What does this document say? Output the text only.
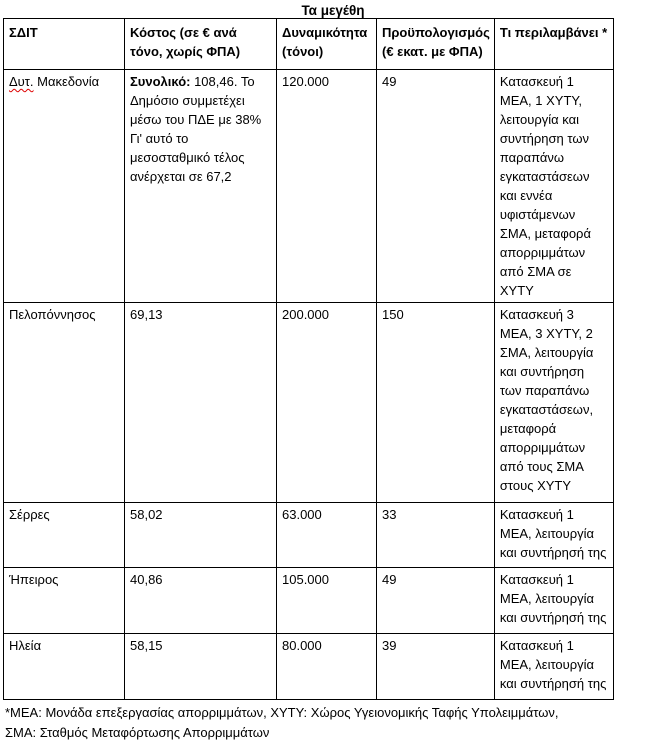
Τα μεγέθη
ΣΔΙΤ	Κόστος (σε € ανά τόνο, χωρίς ΦΠΑ)	Δυναμικότητα (τόνοι)	Προϋπολογισμός (€ εκατ. με ΦΠΑ)	Τι περιλαμβάνει *
Δυτ. Μακεδονία	Συνολικό: 108,46. Το Δημόσιο συμμετέχει μέσω του ΠΔΕ με 38% Γι' αυτό το μεσοσταθμικό τέλος ανέρχεται σε 67,2	120.000	49	Κατασκευή 1 ΜΕΑ, 1 ΧΥΤΥ, λειτουργία και συντήρηση των παραπάνω εγκαταστάσεων και εννέα υφιστάμενων ΣΜΑ, μεταφορά απορριμμάτων από ΣΜΑ σε ΧΥΤΥ
Πελοπόννησος	69,13	200.000	150	Κατασκευή 3 ΜΕΑ, 3 ΧΥΤΥ, 2 ΣΜΑ, λειτουργία και συντήρηση των παραπάνω εγκαταστάσεων, μεταφορά απορριμμάτων από τους ΣΜΑ στους ΧΥΤΥ
Σέρρες	58,02	63.000	33	Κατασκευή 1 ΜΕΑ, λειτουργία και συντήρησή της
Ήπειρος	40,86	105.000	49	Κατασκευή 1 ΜΕΑ, λειτουργία και συντήρησή της
Ηλεία	58,15	80.000	39	Κατασκευή 1 ΜΕΑ, λειτουργία και συντήρησή της
*ΜΕΑ: Μονάδα επεξεργασίας απορριμμάτων, ΧΥΤΥ: Χώρος Υγειονομικής Ταφής Υπολειμμάτων,
ΣΜΑ: Σταθμός Μεταφόρτωσης Απορριμμάτων
